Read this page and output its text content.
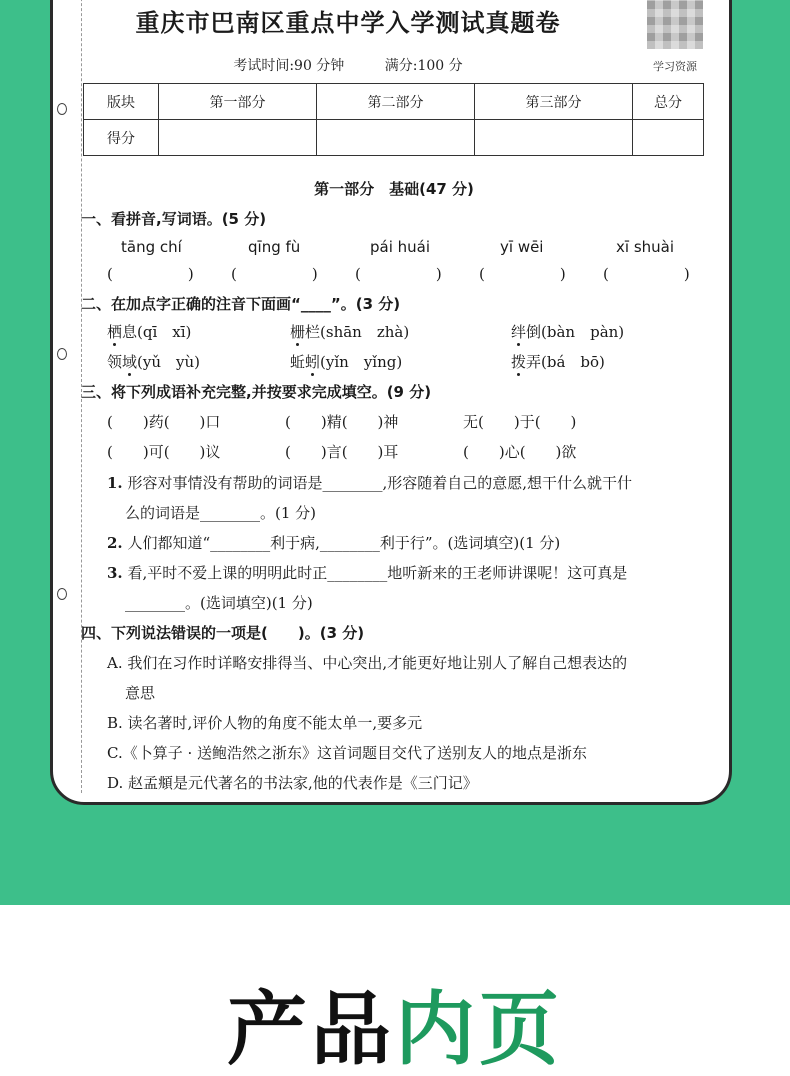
重庆市巴南区重点中学入学测试真题卷
学习资源
考试时间:90 分钟	满分:100 分
版块	第一部分	第二部分	第三部分	总分
得分				
第一部分　基础(47 分)
一、看拼音,写词语。(5 分)
tāng chí	qīng fù	pái huái	yī wēi	xī shuài
(　　　　　) (　　　　　) (　　　　　) (　　　　　) (　　　　　)
二、在加点字正确的注音下面画“____”。(3 分)
栖息(qī　xī)	栅栏(shān　zhà)	绊倒(bàn　pàn)
领域(yǔ　yù)	蚯蚓(yǐn　yǐng)	拨弄(bá　bō)
三、将下列成语补充完整,并按要求完成填空。(9 分)
(　　)药(　　)口	(　　)精(　　)神	无(　　)于(　　)
(　　)可(　　)议	(　　)言(　　)耳	(　　)心(　　)欲
1. 形容对事情没有帮助的词语是________,形容随着自己的意愿,想干什么就干什
么的词语是________。(1 分)
2. 人们都知道“________利于病,________利于行”。(选词填空)(1 分)
3. 看,平时不爱上课的明明此时正________地听新来的王老师讲课呢！这可真是
________。(选词填空)(1 分)
四、下列说法错误的一项是(　　)。(3 分)
A. 我们在习作时详略安排得当、中心突出,才能更好地让别人了解自己想表达的
意思
B. 读名著时,评价人物的角度不能太单一,要多元
C.《卜算子 · 送鲍浩然之浙东》这首词题目交代了送别友人的地点是浙东
D. 赵孟頫是元代著名的书法家,他的代表作是《三门记》
产品内页
